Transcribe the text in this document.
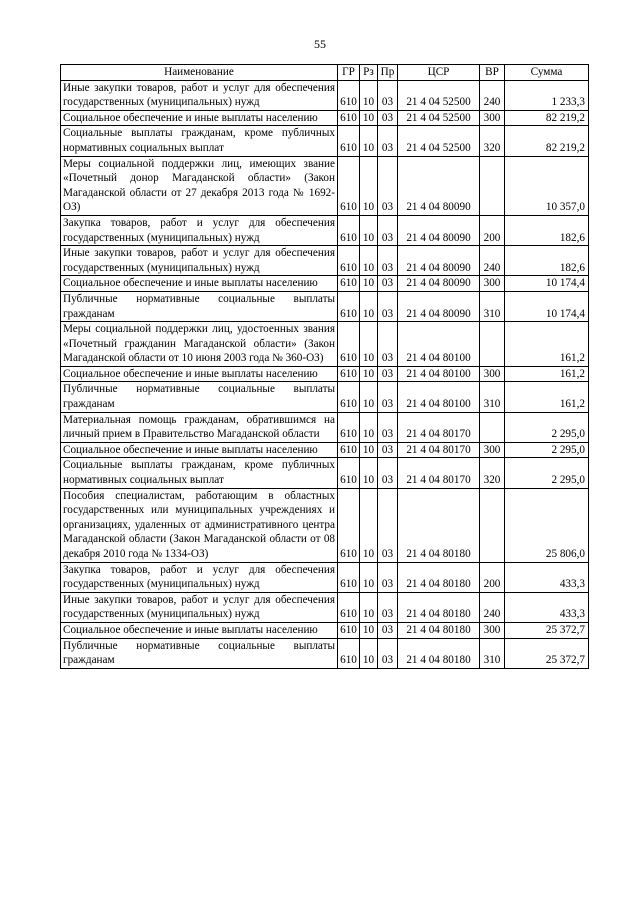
55
Наименование	ГР	Рз	Пр	ЦСР	ВР	Сумма
Иные закупки товаров, работ и услуг для обеспечения государственных (муниципальных) нужд	610	10	03	21 4 04 52500	240	1 233,3
Социальное обеспечение и иные выплаты населению	610	10	03	21 4 04 52500	300	82 219,2
Социальные выплаты гражданам, кроме публичных нормативных социальных выплат	610	10	03	21 4 04 52500	320	82 219,2
Меры социальной поддержки лиц, имеющих звание «Почетный донор Магаданской области» (Закон Магаданской области от 27 декабря 2013 года № 1692-ОЗ)	610	10	03	21 4 04 80090		10 357,0
Закупка товаров, работ и услуг для обеспечения государственных (муниципальных) нужд	610	10	03	21 4 04 80090	200	182,6
Иные закупки товаров, работ и услуг для обеспечения государственных (муниципальных) нужд	610	10	03	21 4 04 80090	240	182,6
Социальное обеспечение и иные выплаты населению	610	10	03	21 4 04 80090	300	10 174,4
Публичные нормативные социальные выплаты гражданам	610	10	03	21 4 04 80090	310	10 174,4
Меры социальной поддержки лиц, удостоенных звания «Почетный гражданин Магаданской области» (Закон Магаданской области от 10 июня 2003 года № 360-ОЗ)	610	10	03	21 4 04 80100		161,2
Социальное обеспечение и иные выплаты населению	610	10	03	21 4 04 80100	300	161,2
Публичные нормативные социальные выплаты гражданам	610	10	03	21 4 04 80100	310	161,2
Материальная помощь гражданам, обратившимся на личный прием в Правительство Магаданской области	610	10	03	21 4 04 80170		2 295,0
Социальное обеспечение и иные выплаты населению	610	10	03	21 4 04 80170	300	2 295,0
Социальные выплаты гражданам, кроме публичных нормативных социальных выплат	610	10	03	21 4 04 80170	320	2 295,0
Пособия специалистам, работающим в областных государственных или муниципальных учреждениях и организациях, удаленных от административного центра Магаданской области (Закон Магаданской области от 08 декабря 2010 года № 1334-ОЗ)	610	10	03	21 4 04 80180		25 806,0
Закупка товаров, работ и услуг для обеспечения государственных (муниципальных) нужд	610	10	03	21 4 04 80180	200	433,3
Иные закупки товаров, работ и услуг для обеспечения государственных (муниципальных) нужд	610	10	03	21 4 04 80180	240	433,3
Социальное обеспечение и иные выплаты населению	610	10	03	21 4 04 80180	300	25 372,7
Публичные нормативные социальные выплаты гражданам	610	10	03	21 4 04 80180	310	25 372,7
